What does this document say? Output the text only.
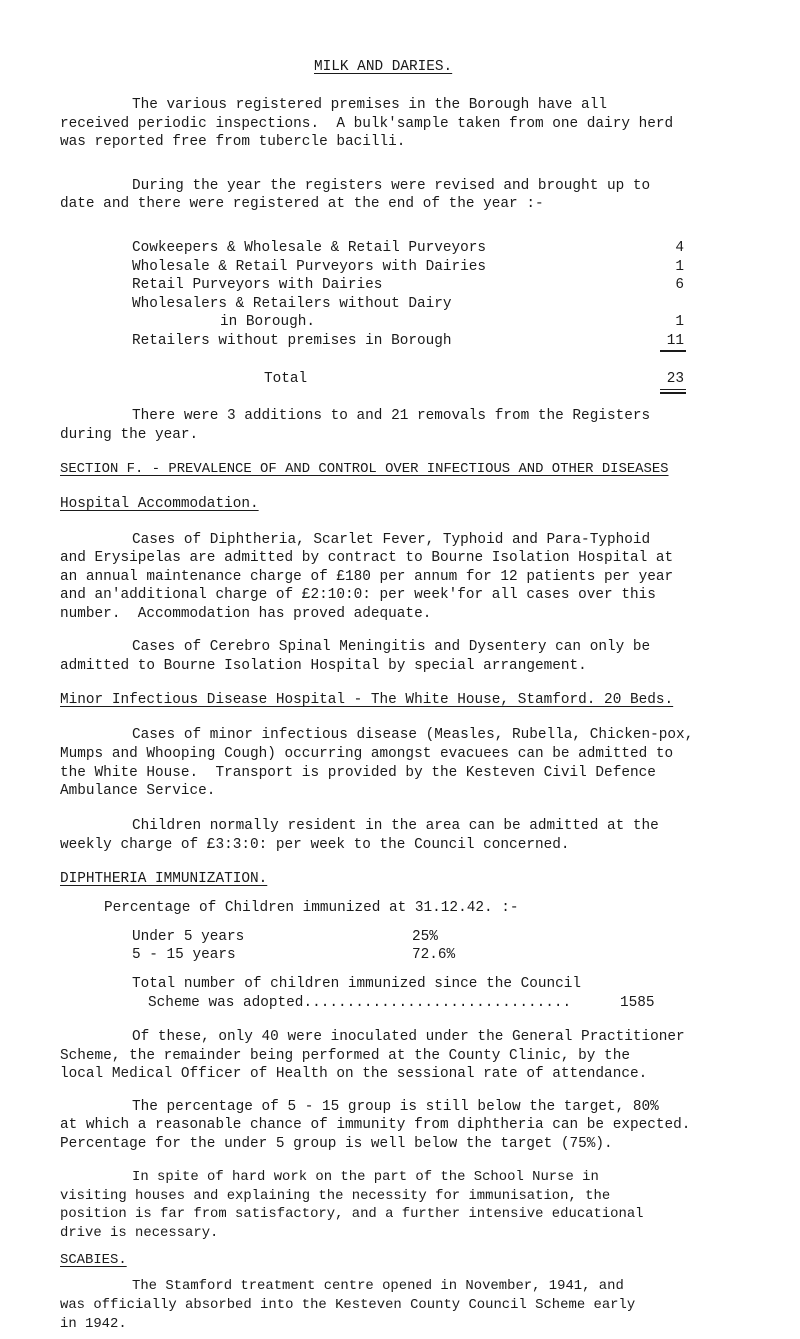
MILK AND DARIES.
The various registered premises in the Borough have all
received periodic inspections.  A bulk'sample taken from one dairy herd
was reported free from tubercle bacilli.
During the year the registers were revised and brought up to
date and there were registered at the end of the year :-
Cowkeepers & Wholesale & Retail Purveyors	4
Wholesale & Retail Purveyors with Dairies	1
Retail Purveyors with Dairies	6
Wholesalers & Retailers without Dairy
in Borough.	1
Retailers without premises in Borough	11
Total	23
There were 3 additions to and 21 removals from the Registers
during the year.
SECTION F. - PREVALENCE OF AND CONTROL OVER INFECTIOUS AND OTHER DISEASES
Hospital Accommodation.
Cases of Diphtheria, Scarlet Fever, Typhoid and Para-Typhoid
and Erysipelas are admitted by contract to Bourne Isolation Hospital at
an annual maintenance charge of £180 per annum for 12 patients per year
and an'additional charge of £2:10:0: per week'for all cases over this
number.  Accommodation has proved adequate.
Cases of Cerebro Spinal Meningitis and Dysentery can only be
admitted to Bourne Isolation Hospital by special arrangement.
Minor Infectious Disease Hospital - The White House, Stamford. 20 Beds.
Cases of minor infectious disease (Measles, Rubella, Chicken-pox,
Mumps and Whooping Cough) occurring amongst evacuees can be admitted to
the White House.  Transport is provided by the Kesteven Civil Defence
Ambulance Service.
Children normally resident in the area can be admitted at the
weekly charge of £3:3:0: per week to the Council concerned.
DIPHTHERIA IMMUNIZATION.
Percentage of Children immunized at 31.12.42. :-
Under 5 years	25%
5 - 15 years	72.6%
Total number of children immunized since the Council
Scheme was adopted...............................	1585
Of these, only 40 were inoculated under the General Practitioner
Scheme, the remainder being performed at the County Clinic, by the
local Medical Officer of Health on the sessional rate of attendance.
The percentage of 5 - 15 group is still below the target, 80%
at which a reasonable chance of immunity from diphtheria can be expected.
Percentage for the under 5 group is well below the target (75%).
In spite of hard work on the part of the School Nurse in
visiting houses and explaining the necessity for immunisation, the
position is far from satisfactory, and a further intensive educational
drive is necessary.
SCABIES.
The Stamford treatment centre opened in November, 1941, and
was officially absorbed into the Kesteven County Council Scheme early
in 1942.
